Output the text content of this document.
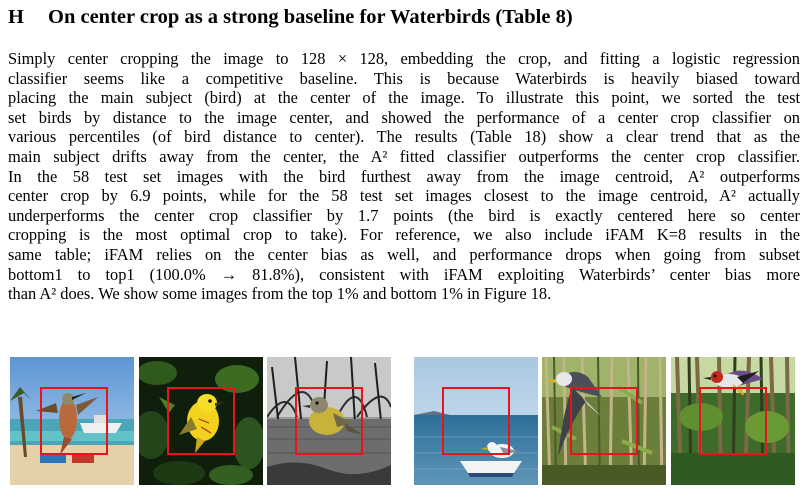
H On center crop as a strong baseline for Waterbirds (Table 8)
Simply center cropping the image to 128 × 128, embedding the crop, and fitting a logistic regression
classifier seems like a competitive baseline. This is because Waterbirds is heavily biased toward
placing the main subject (bird) at the center of the image. To illustrate this point, we sorted the test
set birds by distance to the image center, and showed the performance of a center crop classifier on
various percentiles (of bird distance to center). The results (Table 18) show a clear trend that as the
main subject drifts away from the center, the A² fitted classifier outperforms the center crop classifier.
In the 58 test set images with the bird furthest away from the image centroid, A² outperforms
center crop by 6.9 points, while for the 58 test set images closest to the image centroid, A² actually
underperforms the center crop classifier by 1.7 points (the bird is exactly centered here so center
cropping is the most optimal crop to take). For reference, we also include iFAM K=8 results in the
same table; iFAM relies on the center bias as well, and performance drops when going from subset
bottom1 to top1 (100.0% → 81.8%), consistent with iFAM exploiting Waterbirds’ center bias more
than A² does. We show some images from the top 1% and bottom 1% in Figure 18.
